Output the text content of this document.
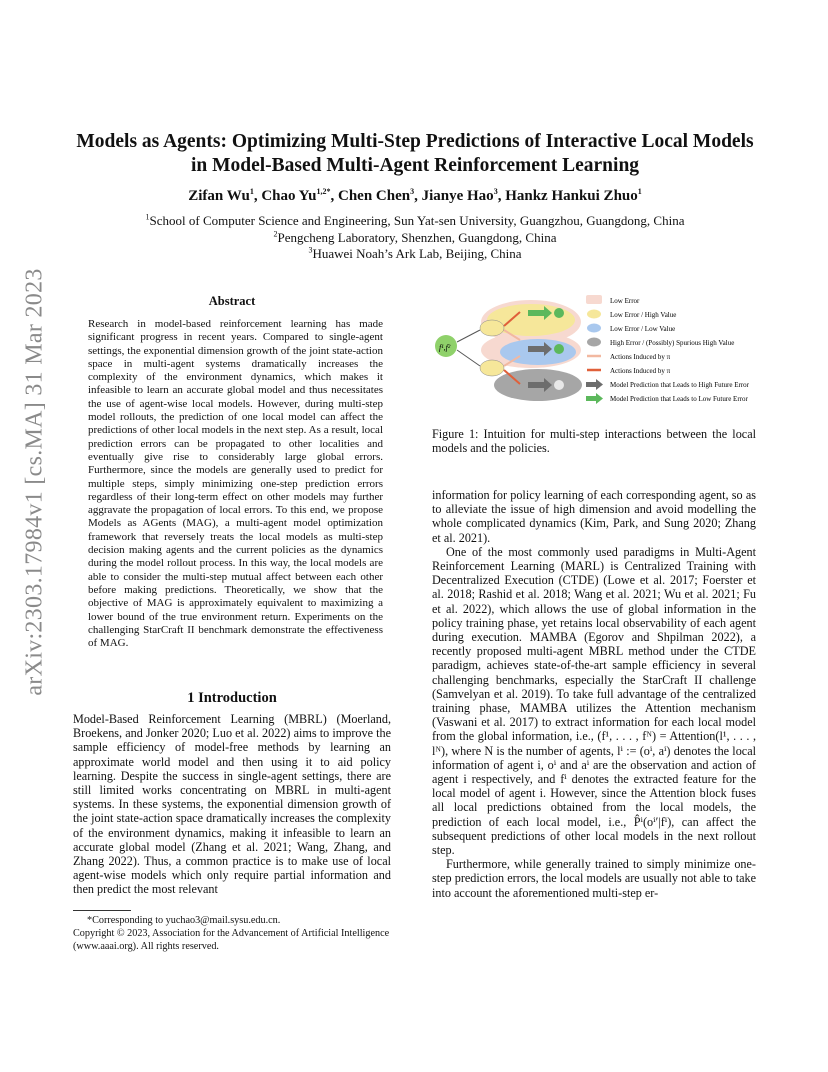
arXiv:2303.17984v1 [cs.MA] 31 Mar 2023
Models as Agents: Optimizing Multi-Step Predictions of Interactive Local Models
in Model-Based Multi-Agent Reinforcement Learning
Zifan Wu$^1$, Chao $Yu^{1,2*}$, Chen Chen$^3$, Jianye Hao$^3$, Hankz Hankui Zhuo$^1$
$^1$School of Computer Science and Engineering, Sun Yat-sen University, Guangzhou, Guangdong, China
$^2$Pengcheng Laboratory, Shenzhen, Guangdong, China
$^3$Huawei Noah’s Ark Lab, Beijing, China
Abstract
Research in model-based reinforcement learning has made significant progress in recent years. Compared to single-agent settings, the exponential dimension growth of the joint state-action space in multi-agent systems dramatically increases the complexity of the environment dynamics, which makes it infeasible to learn an accurate global model and thus necessitates the use of agent-wise local models. However, during multi-step model rollouts, the prediction of one local model can affect the predictions of other local models in the next step. As a result, local prediction errors can be propagated to other localities and eventually give rise to considerably large global errors. Furthermore, since the models are generally used to predict for multiple steps, simply minimizing one-step prediction errors regardless of their long-term effect on other models may further aggravate the propagation of local errors. To this end, we propose Models as AGents (MAG), a multi-agent model optimization framework that reversely treats the local models as multi-step decision making agents and the current policies as the dynamics during the model rollout process. In this way, the local models are able to consider the multi-step mutual affect between each other before making predictions. Theoretically, we show that the objective of MAG is approximately equivalent to maximizing a lower bound of the true environment return. Experiments on the challenging StarCraft II benchmark demonstrate the effectiveness of MAG.
1 Introduction
Model-Based Reinforcement Learning (MBRL) (Moerland, Broekens, and Jonker 2020; Luo et al. 2022) aims to improve the sample efficiency of model-free methods by learning an approximate world model and then using it to aid policy learning. Despite the success in single-agent settings, there are still limited works concentrating on MBRL in multi-agent systems. In these systems, the exponential dimension growth of the joint state-action space dramatically increases the complexity of the environment dynamics, making it infeasible to learn an accurate global model (Zhang et al. 2021; Wang, Zhang, and Zhang 2022). Thus, a common practice is to make use of local agent-wise models which only require partial information and then predict the most relevant

*Corresponding to yuchao3@mail.sysu.edu.cn.

Copyright © 2023, Association for the Advancement of Artificial Intelligence (www.aaai.org). All rights reserved.

f¹,f²
Low Error
Low Error / High Value
Low Error / Low Value
High Error / (Possibly) Spurious High Value
Actions Induced by π
Actions Induced by π
Model Prediction that Leads to High Future Error
Model Prediction that Leads to Low Future Error
Figure 1: Intuition for multi-step interactions between the local models and the policies.

information for policy learning of each corresponding agent, so as to alleviate the issue of high dimension and avoid modelling the whole complicated dynamics (Kim, Park, and Sung 2020; Zhang et al. 2021).

One of the most commonly used paradigms in Multi-Agent Reinforcement Learning (MARL) is Centralized Training with Decentralized Execution (CTDE) (Lowe et al. 2017; Foerster et al. 2018; Rashid et al. 2018; Wang et al. 2021; Wu et al. 2021; Fu et al. 2022), which allows the use of global information in the policy training phase, yet retains local observability of each agent during execution. MAMBA (Egorov and Shpilman 2022), a recently proposed multi-agent MBRL method under the CTDE paradigm, achieves state-of-the-art sample efficiency in several challenging benchmarks, especially the StarCraft II challenge (Samvelyan et al. 2019). To take full advantage of the centralized training phase, MAMBA utilizes the Attention mechanism (Vaswani et al. 2017) to extract information for each local model from the global information, i.e., (f¹, . . . , fᴺ) = Attention(l¹, . . . , lᴺ), where N is the number of agents, lⁱ := (oⁱ, aⁱ) denotes the local information of agent i, oⁱ and aⁱ are the observation and action of agent i respectively, and fⁱ denotes the extracted feature for the local model of agent i. However, since the Attention block fuses all local predictions obtained from the local models, the prediction of each local model, i.e., P̂ⁱ(oⁱ′|fⁱ), can affect the subsequent predictions of other local models in the next rollout step.

Furthermore, while generally trained to simply minimize one-step prediction errors, the local models are usually not able to take into account the aforementioned multi-step er-
